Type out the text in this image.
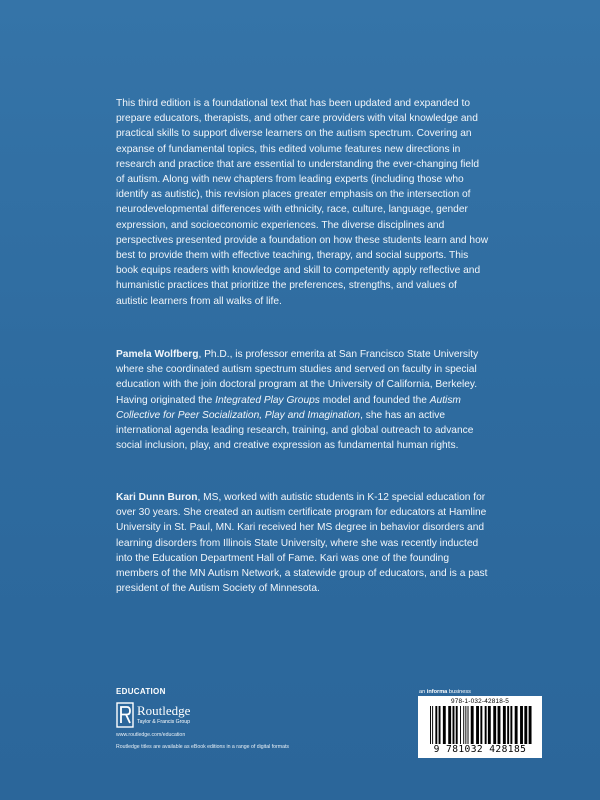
This third edition is a foundational text that has been updated and expanded to prepare educators, therapists, and other care providers with vital knowledge and practical skills to support diverse learners on the autism spectrum. Covering an expanse of fundamental topics, this edited volume features new directions in research and practice that are essential to understanding the ever-changing field of autism. Along with new chapters from leading experts (including those who identify as autistic), this revision places greater emphasis on the intersection of neurodevelopmental differences with ethnicity, race, culture, language, gender expression, and socioeconomic experiences. The diverse disciplines and perspectives presented provide a foundation on how these students learn and how best to provide them with effective teaching, therapy, and social supports. This book equips readers with knowledge and skill to competently apply reflective and humanistic practices that prioritize the preferences, strengths, and values of autistic learners from all walks of life.

Pamela Wolfberg, Ph.D., is professor emerita at San Francisco State University where she coordinated autism spectrum studies and served on faculty in special education with the join doctoral program at the University of California, Berkeley. Having originated the Integrated Play Groups model and founded the Autism Collective for Peer Socialization, Play and Imagination, she has an active international agenda leading research, training, and global outreach to advance social inclusion, play, and creative expression as fundamental human rights.

Kari Dunn Buron, MS, worked with autistic students in K-12 special education for over 30 years. She created an autism certificate program for educators at Hamline University in St. Paul, MN. Kari received her MS degree in behavior disorders and learning disorders from Illinois State University, where she was recently inducted into the Education Department Hall of Fame. Kari was one of the founding members of the MN Autism Network, a statewide group of educators, and is a past president of the Autism Society of Minnesota.

EDUCATION
Routledge
Taylor & Francis Group
www.routledge.com/education
Routledge titles are available as eBook editions in a range of digital formats
an informa business
978-1-032-42818-5
9 781032 428185
